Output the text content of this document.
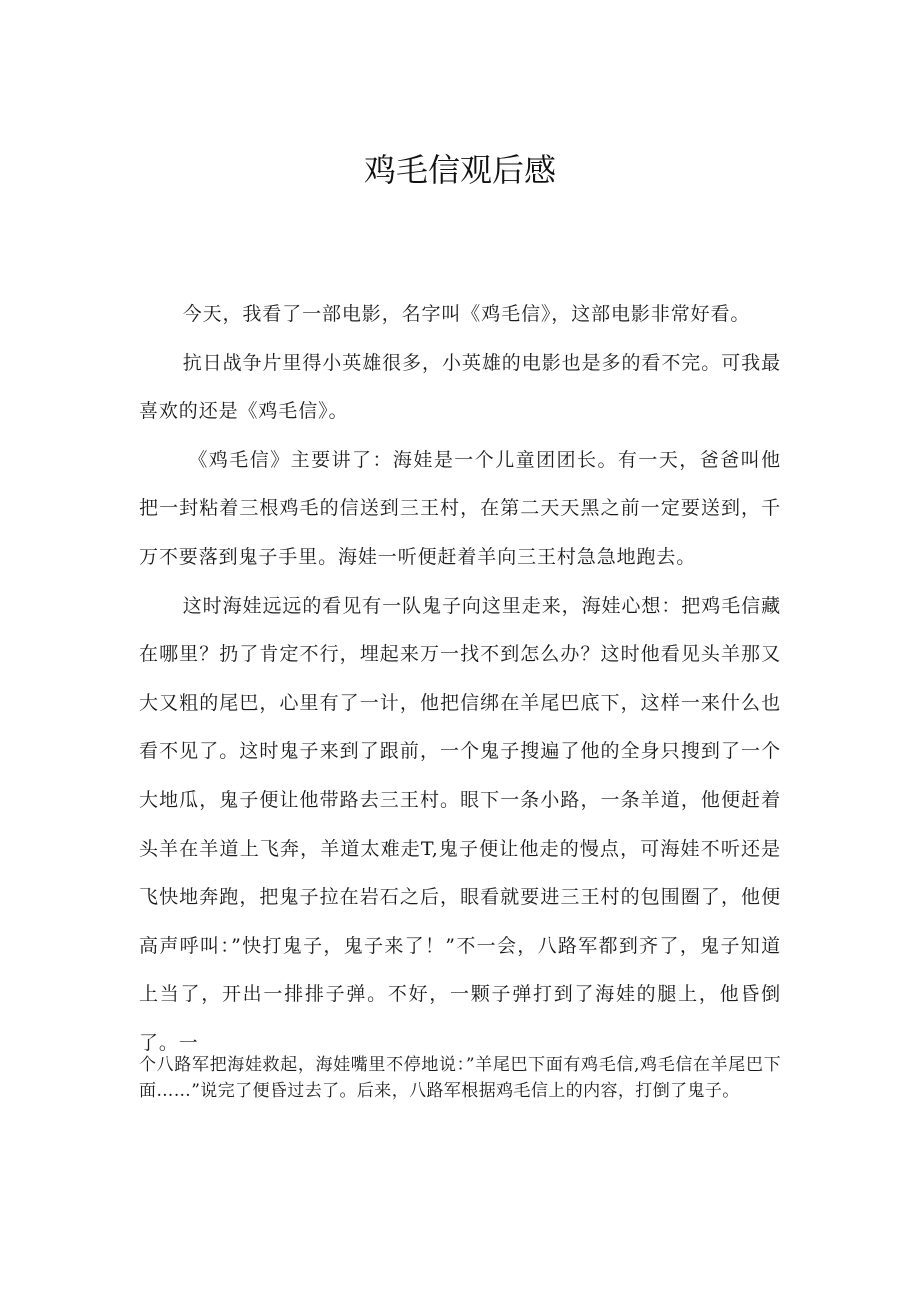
鸡毛信观后感

今天，我看了一部电影，名字叫《鸡毛信》，这部电影非常好看。

抗日战争片里得小英雄很多，小英雄的电影也是多的看不完。可我最喜欢的还是《鸡毛信》。

《鸡毛信》主要讲了：海娃是一个儿童团团长。有一天，爸爸叫他把一封粘着三根鸡毛的信送到三王村，在第二天天黑之前一定要送到，千万不要落到鬼子手里。海娃一听便赶着羊向三王村急急地跑去。

这时海娃远远的看见有一队鬼子向这里走来，海娃心想：把鸡毛信藏在哪里？扔了肯定不行，埋起来万一找不到怎么办？这时他看见头羊那又大又粗的尾巴，心里有了一计，他把信绑在羊尾巴底下，这样一来什么也看不见了。这时鬼子来到了跟前，一个鬼子搜遍了他的全身只搜到了一个大地瓜，鬼子便让他带路去三王村。眼下一条小路，一条羊道，他便赶着头羊在羊道上飞奔，羊道太难走T,鬼子便让他走的慢点，可海娃不听还是飞快地奔跑，把鬼子拉在岩石之后，眼看就要进三王村的包围圈了，他便高声呼叫：”快打鬼子，鬼子来了！”不一会，八路军都到齐了，鬼子知道上当了，开出一排排子弹。不好，一颗子弹打到了海娃的腿上，他昏倒了。一

个八路军把海娃救起，海娃嘴里不停地说：”羊尾巴下面有鸡毛信,鸡毛信在羊尾巴下面……”说完了便昏过去了。后来，八路军根据鸡毛信上的内容，打倒了鬼子。
